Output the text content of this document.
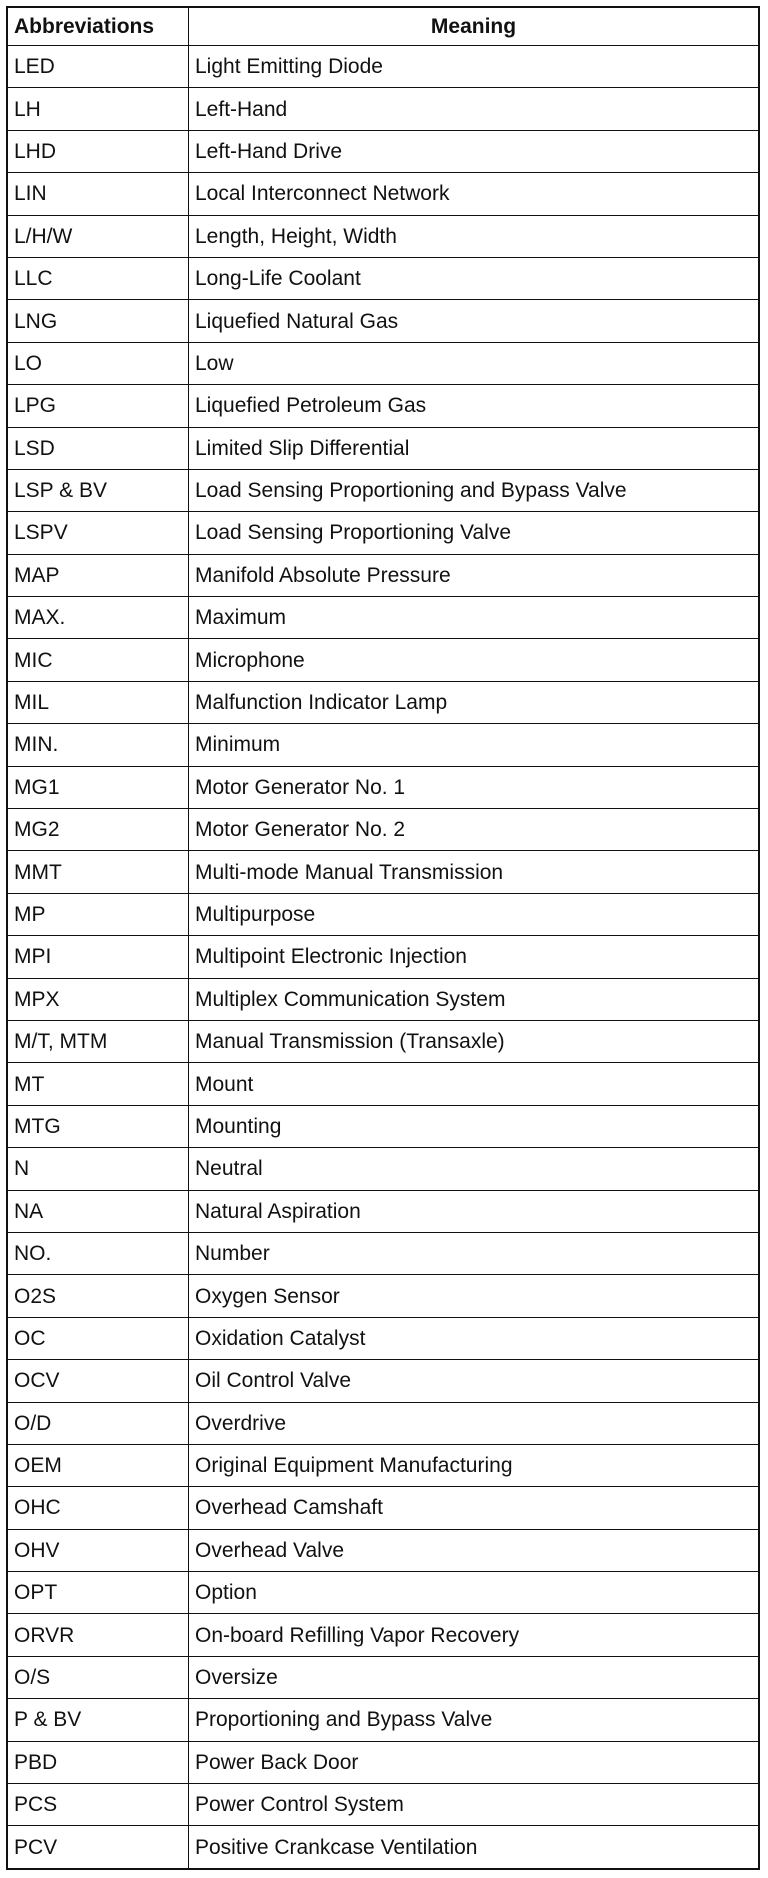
Abbreviations	Meaning
LED	Light Emitting Diode
LH	Left-Hand
LHD	Left-Hand Drive
LIN	Local Interconnect Network
L/H/W	Length, Height, Width
LLC	Long-Life Coolant
LNG	Liquefied Natural Gas
LO	Low
LPG	Liquefied Petroleum Gas
LSD	Limited Slip Differential
LSP & BV	Load Sensing Proportioning and Bypass Valve
LSPV	Load Sensing Proportioning Valve
MAP	Manifold Absolute Pressure
MAX.	Maximum
MIC	Microphone
MIL	Malfunction Indicator Lamp
MIN.	Minimum
MG1	Motor Generator No. 1
MG2	Motor Generator No. 2
MMT	Multi-mode Manual Transmission
MP	Multipurpose
MPI	Multipoint Electronic Injection
MPX	Multiplex Communication System
M/T, MTM	Manual Transmission (Transaxle)
MT	Mount
MTG	Mounting
N	Neutral
NA	Natural Aspiration
NO.	Number
O2S	Oxygen Sensor
OC	Oxidation Catalyst
OCV	Oil Control Valve
O/D	Overdrive
OEM	Original Equipment Manufacturing
OHC	Overhead Camshaft
OHV	Overhead Valve
OPT	Option
ORVR	On-board Refilling Vapor Recovery
O/S	Oversize
P & BV	Proportioning and Bypass Valve
PBD	Power Back Door
PCS	Power Control System
PCV	Positive Crankcase Ventilation
